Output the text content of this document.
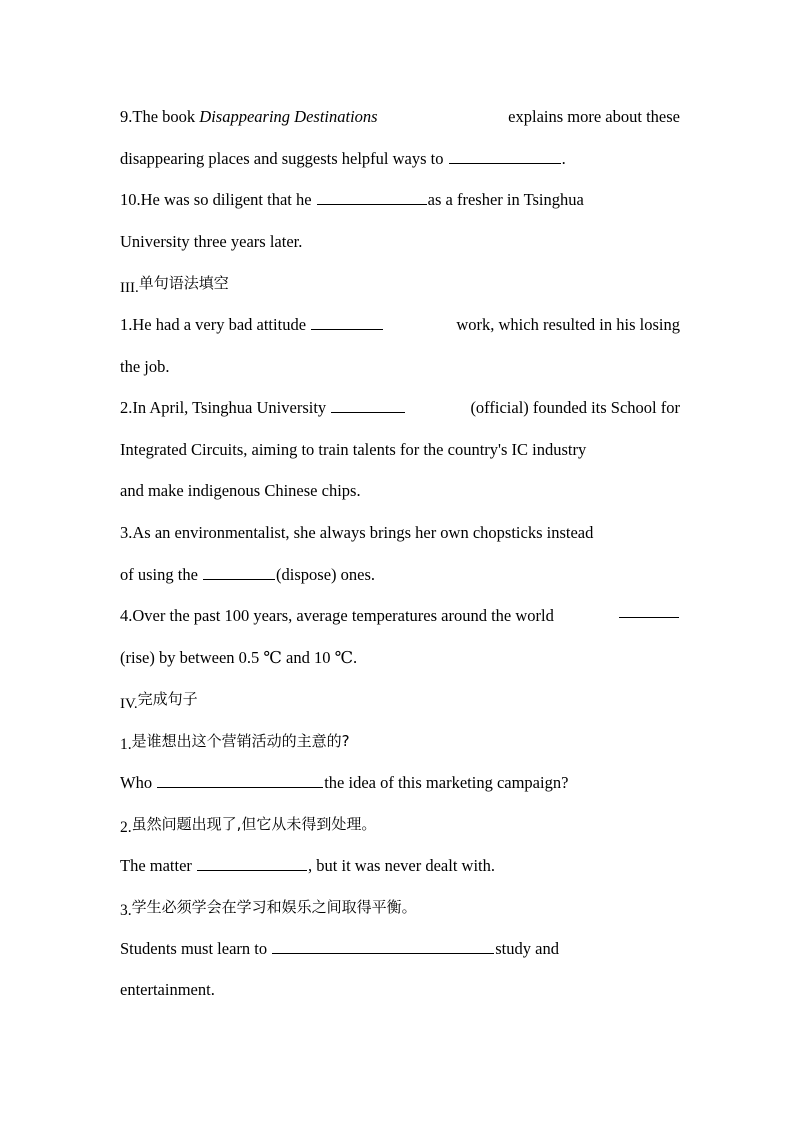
9.The book Disappearing Destinations	explains more about these
disappearing places and suggests helpful ways to	.
10.He was so diligent that he	as a fresher in Tsinghua
University three years later.
III.单句语法填空
1.He had a very bad attitude	work, which resulted in his losing
the job.
2.In April, Tsinghua University	(official) founded its School for
Integrated Circuits, aiming to train talents for the country's IC industry
and make indigenous Chinese chips.
3.As an environmentalist, she always brings her own chopsticks instead
of using the	(dispose) ones.
4.Over the past 100 years, average temperatures around the world
(rise) by between 0.5 ℃ and 10 ℃.
IV.完成句子
1.是谁想出这个营销活动的主意的?
Who	the idea of this marketing campaign?
2.虽然问题出现了,但它从未得到处理。
The matter	, but it was never dealt with.
3.学生必须学会在学习和娱乐之间取得平衡。
Students must learn to	study and
entertainment.
